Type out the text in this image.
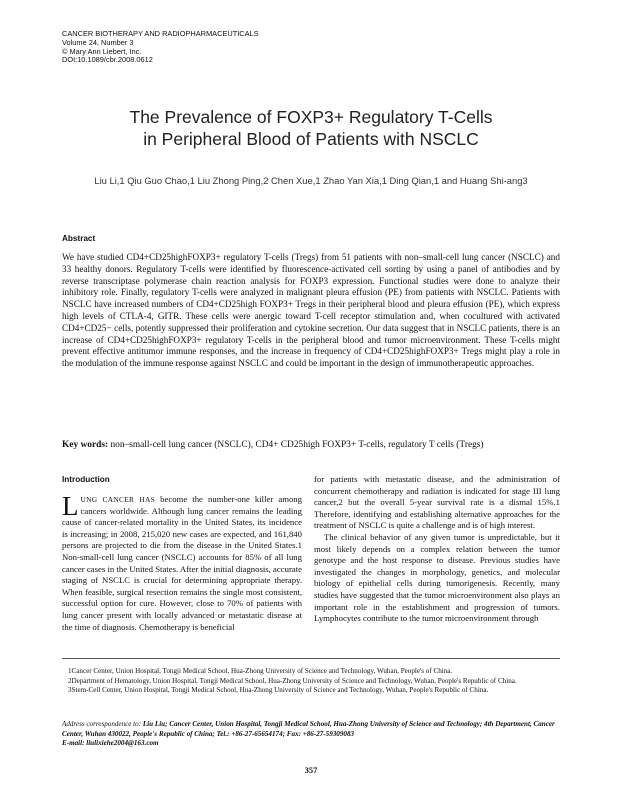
CANCER BIOTHERAPY AND RADIOPHARMACEUTICALS
Volume 24, Number 3
© Mary Ann Liebert, Inc.
DOI:10.1089/cbr.2008.0612
The Prevalence of FOXP3+ Regulatory T-Cells
in Peripheral Blood of Patients with NSCLC
Liu Li,1 Qiu Guo Chao,1 Liu Zhong Ping,2 Chen Xue,1 Zhao Yan Xia,1 Ding Qian,1 and Huang Shi-ang3
Abstract
We have studied CD4+CD25highFOXP3+ regulatory T-cells (Tregs) from 51 patients with non–small-cell lung cancer (NSCLC) and 33 healthy donors. Regulatory T-cells were identified by fluorescence-activated cell sorting by using a panel of antibodies and by reverse transcriptase polymerase chain reaction analysis for FOXP3 expression. Functional studies were done to analyze their inhibitory role. Finally, regulatory T-cells were analyzed in malignant pleura effusion (PE) from patients with NSCLC. Patients with NSCLC have increased numbers of CD4+CD25high FOXP3+ Tregs in their peripheral blood and pleura effusion (PE), which express high levels of CTLA-4, GITR. These cells were anergic toward T-cell receptor stimulation and, when cocultured with activated CD4+CD25− cells, potently suppressed their proliferation and cytokine secretion. Our data suggest that in NSCLC patients, there is an increase of CD4+CD25highFOXP3+ regulatory T-cells in the peripheral blood and tumor microenvironment. These T-cells might prevent effective antitumor immune responses, and the increase in frequency of CD4+CD25highFOXP3+ Tregs might play a role in the modulation of the immune response against NSCLC and could be important in the design of immunotherapeutic approaches.
Key words: non–small-cell lung cancer (NSCLC), CD4+ CD25high FOXP3+ T-cells, regulatory T cells (Tregs)
Introduction
LUNG CANCER HAS become the number-one killer among cancers worldwide. Although lung cancer remains the leading cause of cancer-related mortality in the United States, its incidence is increasing; in 2008, 215,020 new cases are expected, and 161,840 persons are projected to die from the disease in the United States.1 Non-small-cell lung cancer (NSCLC) accounts for 85% of all lung cancer cases in the United States. After the initial diagnosis, accurate staging of NSCLC is crucial for determining appropriate therapy. When feasible, surgical resection remains the single most consistent, successful option for cure. However, close to 70% of patients with lung cancer present with locally advanced or metastatic disease at the time of diagnosis. Chemotherapy is beneficial

for patients with metastatic disease, and the administration of concurrent chemotherapy and radiation is indicated for stage III lung cancer,2 but the overall 5-year survival rate is a dismal 15%.1 Therefore, identifying and establishing alternative approaches for the treatment of NSCLC is quite a challenge and is of high interest.

The clinical behavior of any given tumor is unpredictable, but it most likely depends on a complex relation between the tumor genotype and the host response to disease. Previous studies have investigated the changes in morphology, genetics, and molecular biology of epithelial cells during tumorigenesis. Recently, many studies have suggested that the tumor microenvironment also plays an important role in the establishment and progression of tumors. Lymphocytes contribute to the tumor microenvironment through

1Cancer Center, Union Hospital, Tongji Medical School, Hua-Zhong University of Science and Technology, Wuhan, People's of China.
2Department of Hematology, Union Hospital, Tongji Medical School, Hua-Zhong University of Science and Technology, Wuhan, People's Republic of China.
3Stem-Cell Center, Union Hospital, Tongji Medical School, Hua-Zhong University of Science and Technology, Wuhan, People's Republic of China.
Address correspondence to: Liu Liu; Cancer Center, Union Hospital, Tongji Medical School, Hua-Zhong University of Science and Technology; 4th Department, Cancer Center, Wuhan 430022, People's Republic of China; Tel.: +86-27-65654174; Fax: +86-27-59309083
E-mail: liulixiehe2004@163.com
357
